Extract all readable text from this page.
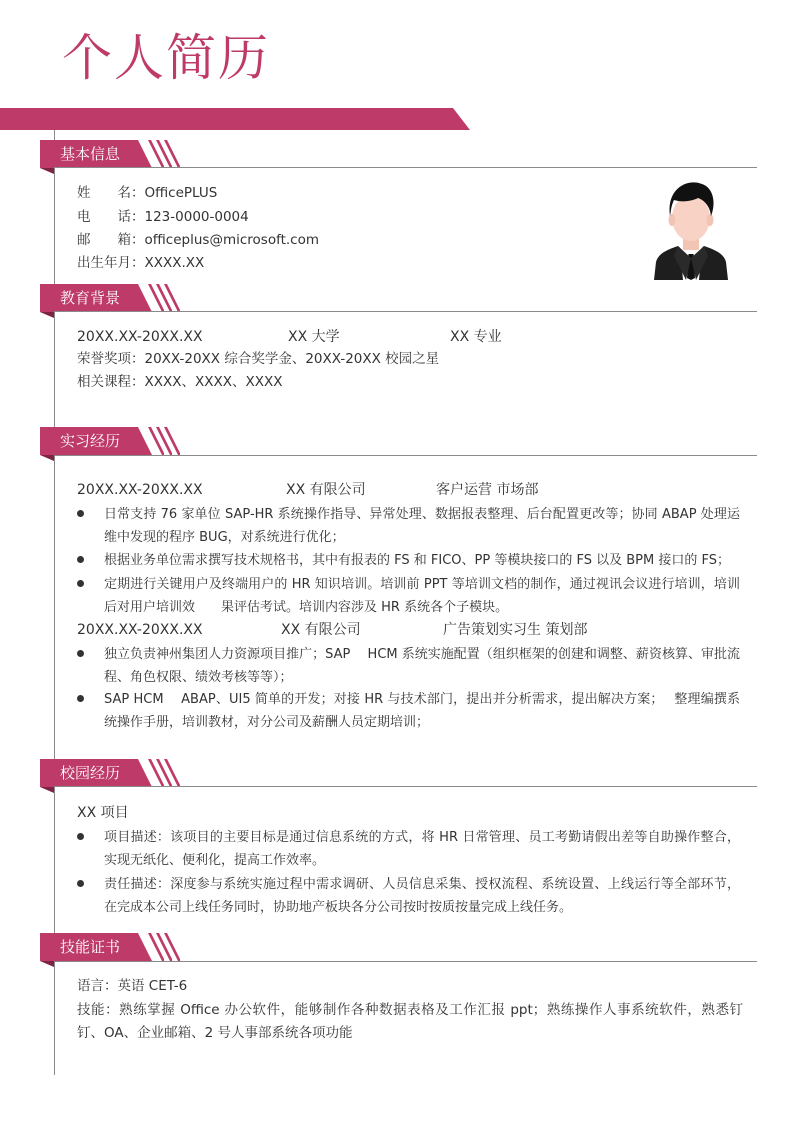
个人简历
基本信息
姓　　名：OfficePLUS
电　　话：123-0000-0004
邮　　箱：officeplus@microsoft.com
出生年月：XXXX.XX
教育背景
20XX.XX-20XX.XX	XX 大学	XX 专业
荣誉奖项：20XX-20XX 综合奖学金、20XX-20XX 校园之星
相关课程：XXXX、XXXX、XXXX
实习经历
20XX.XX-20XX.XX	XX 有限公司	客户运营 市场部
日常支持 76 家单位 SAP-HR 系统操作指导、异常处理、数据报表整理、后台配置更改等；协同 ABAP 处理运维中发现的程序 BUG，对系统进行优化；
根据业务单位需求撰写技术规格书，其中有报表的 FS 和 FICO、PP 等模块接口的 FS 以及 BPM 接口的 FS；
定期进行关键用户及终端用户的 HR 知识培训。培训前 PPT 等培训文档的制作，通过视讯会议进行培训，培训后对用户培训效　　果评估考试。培训内容涉及 HR 系统各个子模块。
20XX.XX-20XX.XX	XX 有限公司	广告策划实习生 策划部
独立负责神州集团人力资源项目推广；SAP　 HCM 系统实施配置（组织框架的创建和调整、薪资核算、审批流程、角色权限、绩效考核等等）；
SAP HCM　 ABAP、UI5 简单的开发；对接 HR 与技术部门，提出并分析需求，提出解决方案；　 整理编撰系统操作手册，培训教材，对分公司及薪酬人员定期培训；
校园经历
XX 项目
项目描述：该项目的主要目标是通过信息系统的方式，将 HR 日常管理、员工考勤请假出差等自助操作整合，实现无纸化、便利化，提高工作效率。
责任描述：深度参与系统实施过程中需求调研、人员信息采集、授权流程、系统设置、上线运行等全部环节，在完成本公司上线任务同时，协助地产板块各分公司按时按质按量完成上线任务。
技能证书
语言：英语 CET-6
技能：熟练掌握 Office 办公软件，能够制作各种数据表格及工作汇报 ppt；熟练操作人事系统软件，熟悉钉钉、OA、企业邮箱、2 号人事部系统各项功能
